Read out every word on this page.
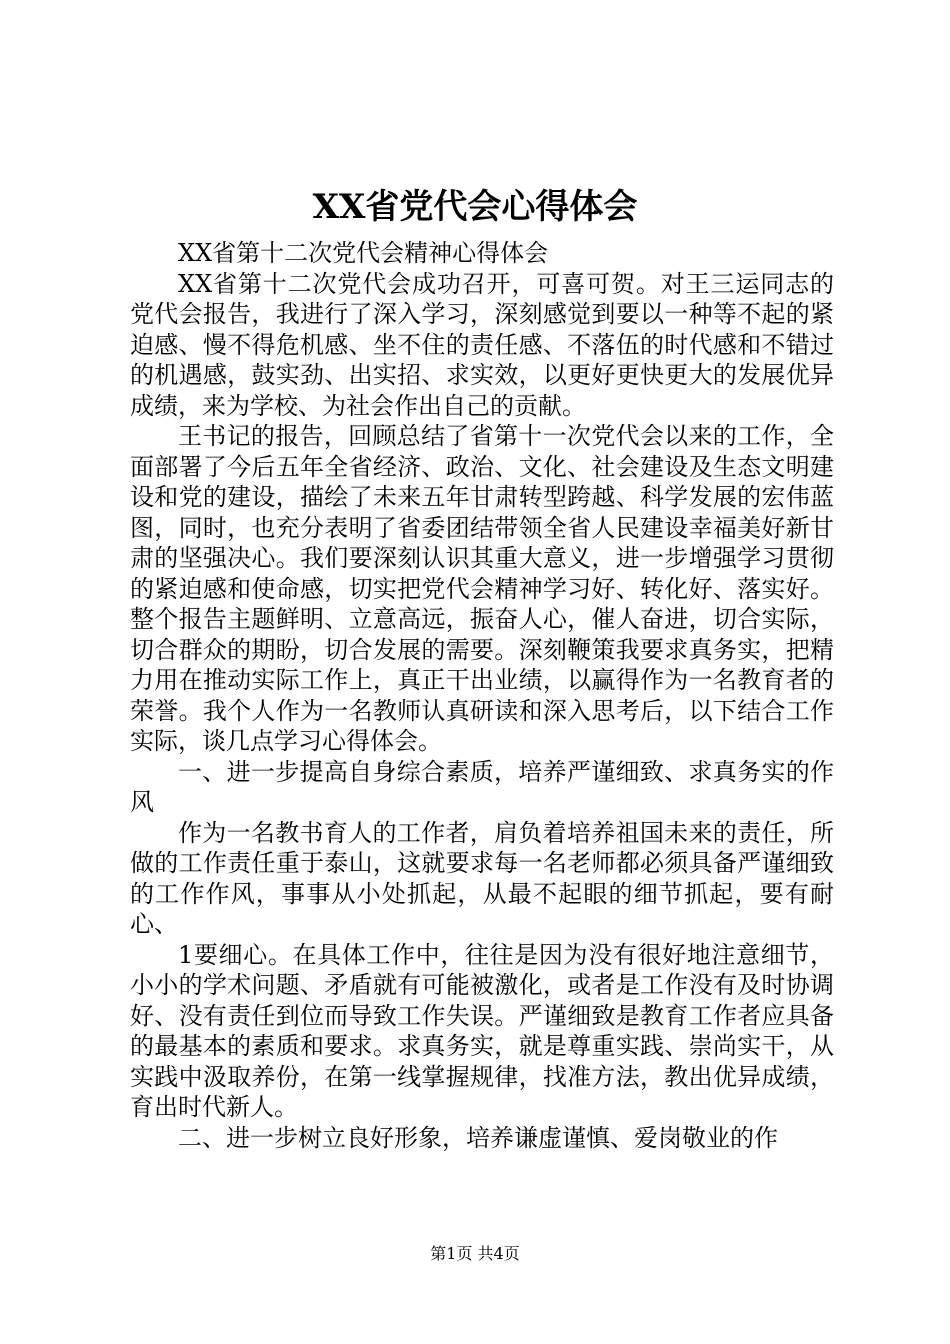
XX省党代会心得体会

XX省第十二次党代会精神心得体会

XX省第十二次党代会成功召开，可喜可贺。对王三运同志的党代会报告，我进行了深入学习，深刻感觉到要以一种等不起的紧迫感、慢不得危机感、坐不住的责任感、不落伍的时代感和不错过的机遇感，鼓实劲、出实招、求实效，以更好更快更大的发展优异成绩，来为学校、为社会作出自己的贡献。

王书记的报告，回顾总结了省第十一次党代会以来的工作，全面部署了今后五年全省经济、政治、文化、社会建设及生态文明建设和党的建设，描绘了未来五年甘肃转型跨越、科学发展的宏伟蓝图，同时，也充分表明了省委团结带领全省人民建设幸福美好新甘肃的坚强决心。我们要深刻认识其重大意义，进一步增强学习贯彻的紧迫感和使命感，切实把党代会精神学习好、转化好、落实好。整个报告主题鲜明、立意高远，振奋人心，催人奋进，切合实际，切合群众的期盼，切合发展的需要。深刻鞭策我要求真务实，把精力用在推动实际工作上，真正干出业绩，以赢得作为一名教育者的荣誉。我个人作为一名教师认真研读和深入思考后，以下结合工作实际，谈几点学习心得体会。

一、进一步提高自身综合素质，培养严谨细致、求真务实的作风

作为一名教书育人的工作者，肩负着培养祖国未来的责任，所做的工作责任重于泰山，这就要求每一名老师都必须具备严谨细致的工作作风，事事从小处抓起，从最不起眼的细节抓起，要有耐心、

1要细心。在具体工作中，往往是因为没有很好地注意细节，小小的学术问题、矛盾就有可能被激化，或者是工作没有及时协调好、没有责任到位而导致工作失误。严谨细致是教育工作者应具备的最基本的素质和要求。求真务实，就是尊重实践、崇尚实干，从实践中汲取养份，在第一线掌握规律，找准方法，教出优异成绩，育出时代新人。

二、进一步树立良好形象，培养谦虚谨慎、爱岗敬业的作

第1页 共4页
